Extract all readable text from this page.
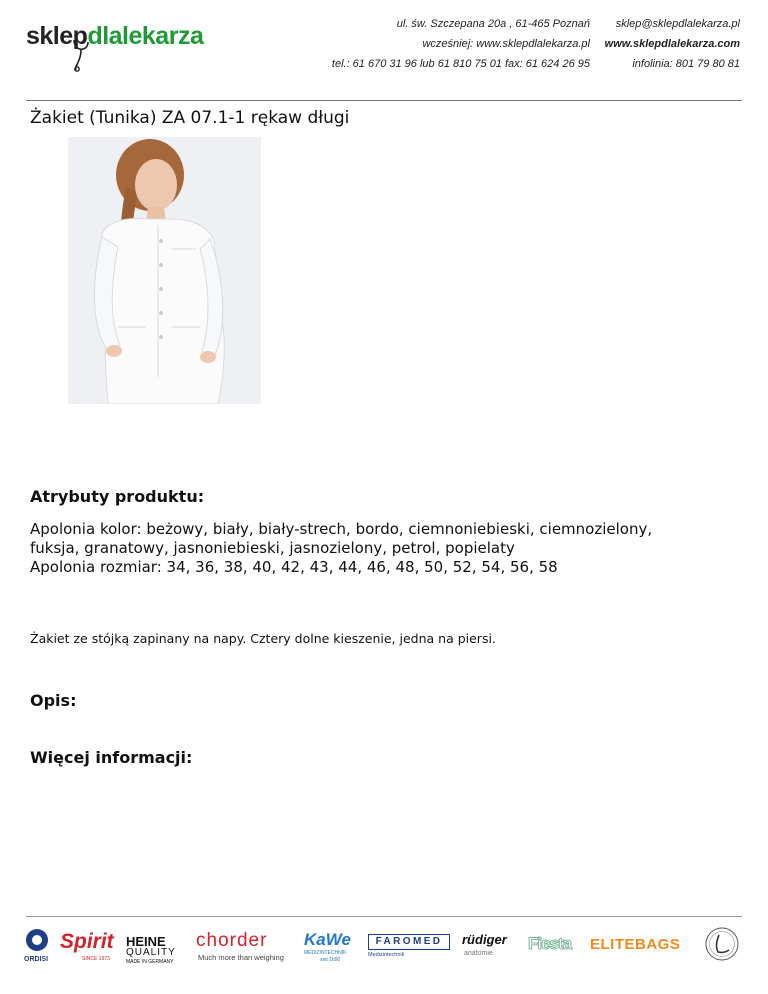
sklepdlalekarza	ul. św. Szczepana 20a , 61-465 Poznań
wcześniej: www.sklepdlalekarza.pl
tel.: 61 670 31 96 lub 61 810 75 01 fax: 61 624 26 95
sklep@sklepdlalekarza.pl
www.sklepdlalekarza.com
infolinia: 801 79 80 81
Żakiet (Tunika) ZA 07.1-1 rękaw długi
Atrybuty produktu:
Apolonia kolor: beżowy, biały, biały-strech, bordo, ciemnoniebieski, ciemnozielony,
fuksja, granatowy, jasnoniebieski, jasnozielony, petrol, popielaty
Apolonia rozmiar: 34, 36, 38, 40, 42, 43, 44, 46, 48, 50, 52, 54, 56, 58
Żakiet ze stójką zapinany na napy. Cztery dolne kieszenie, jedna na piersi.
Opis:
Więcej informacji:
ORDISI
Spirit
SINCE 1973
HEINE
QUALITY
MADE IN GERMANY
chorder
Much more than weighing
KaWe
MEDIZINTECHNIK
seit 1890
FAROMED
Medizintechnik
rüdiger
anatomie
Fiesta ELITEBAGS
